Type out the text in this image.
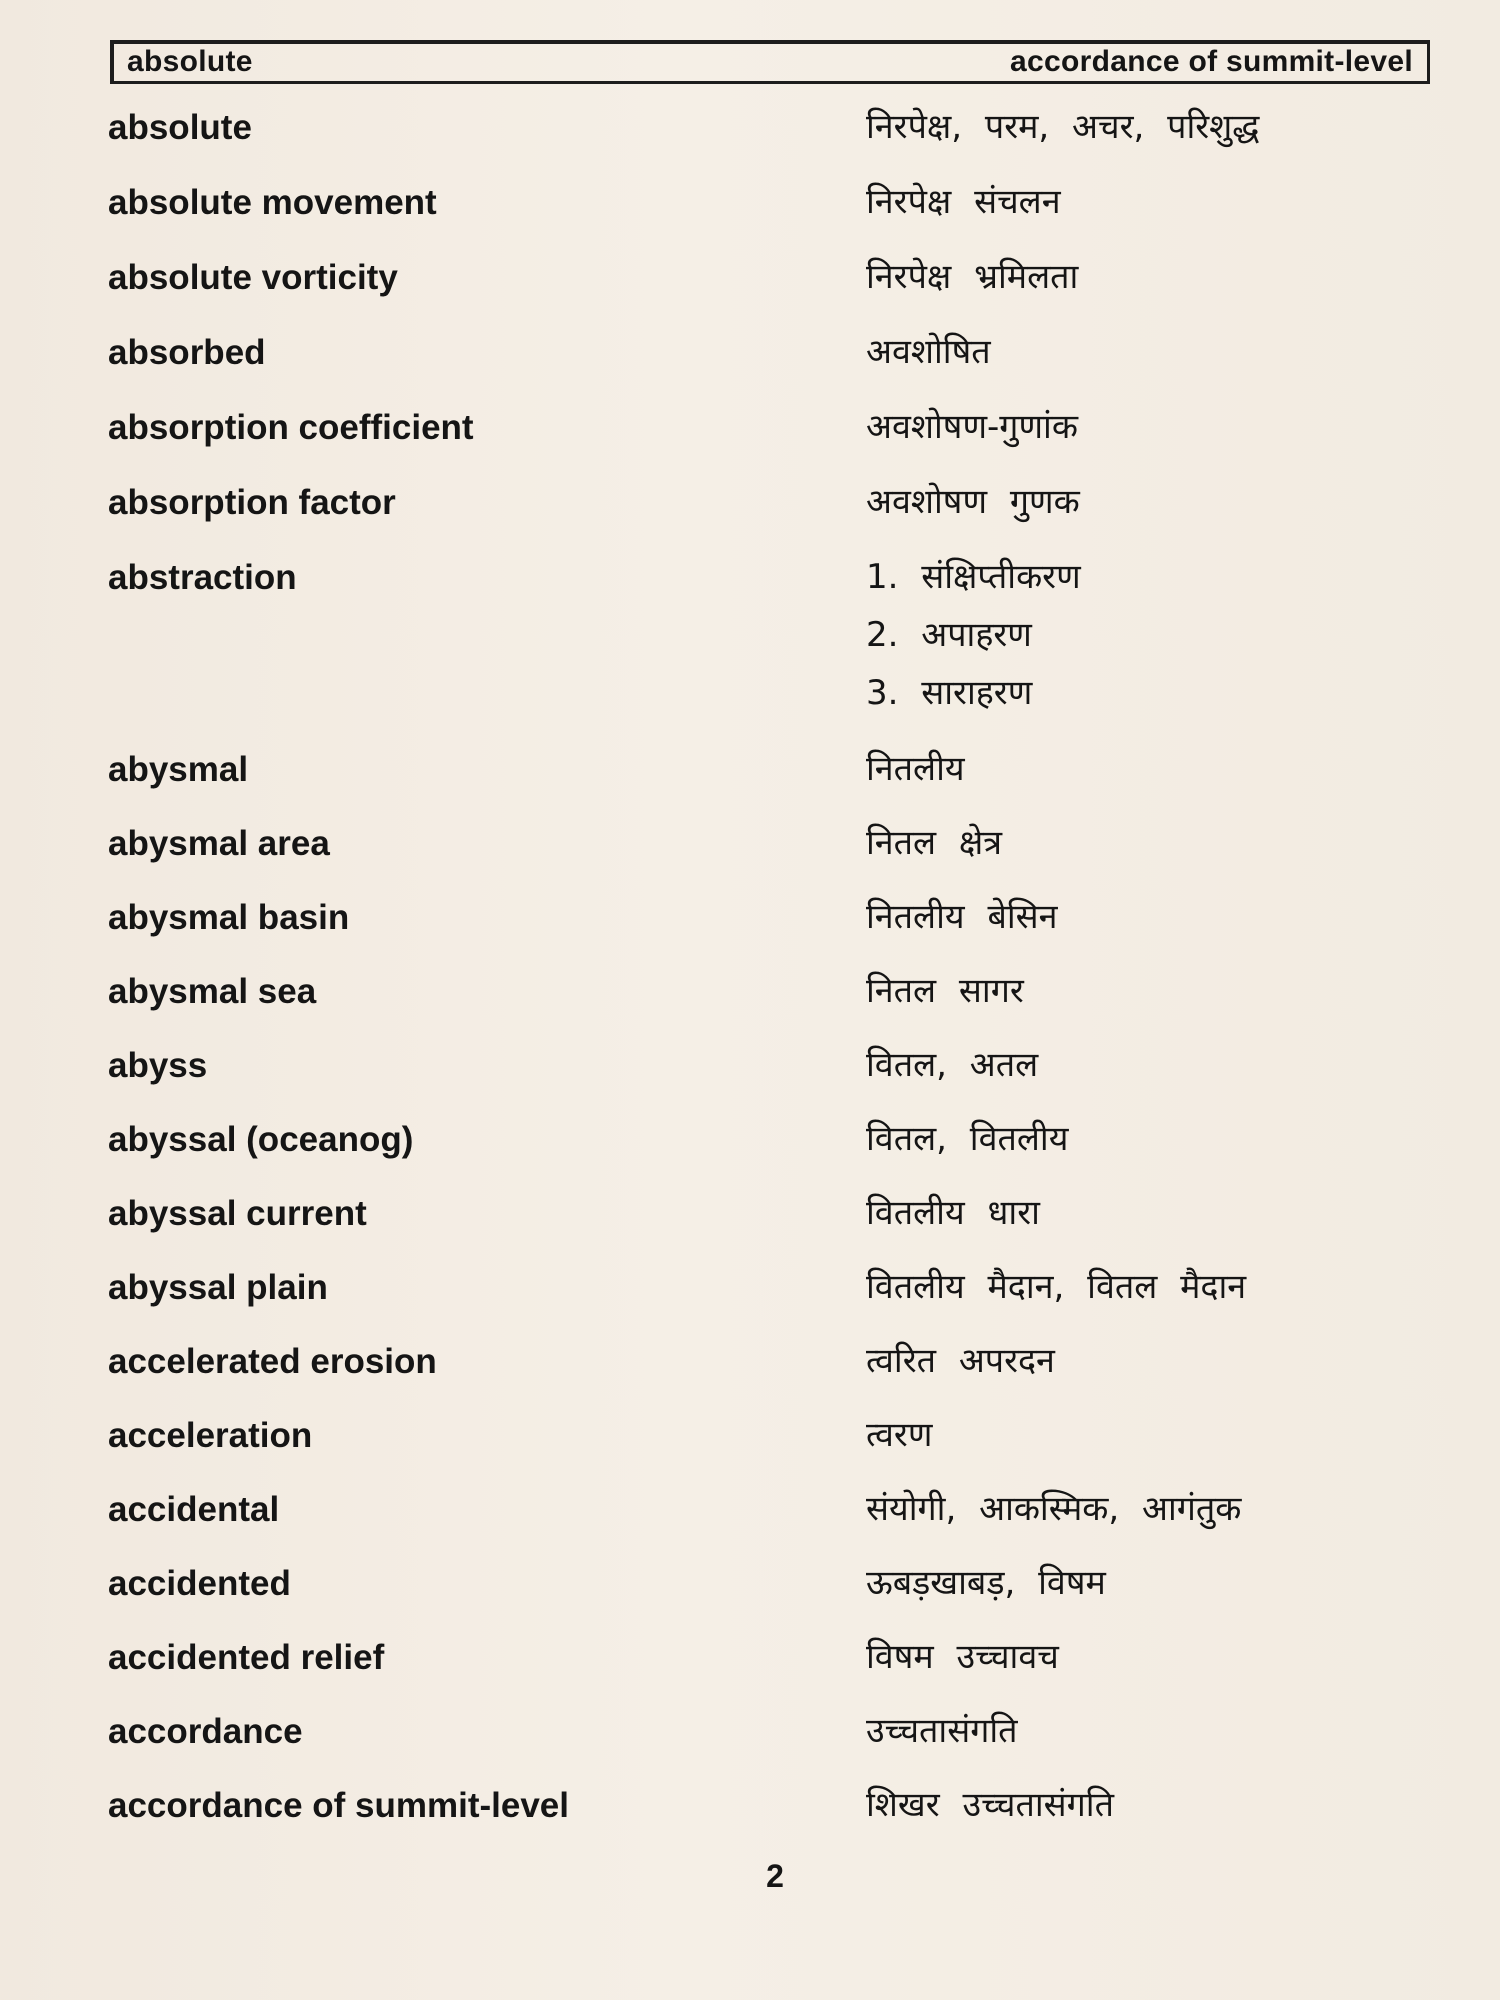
absolute	accordance of summit-level
absolute	निरपेक्ष, परम, अचर, परिशुद्ध
absolute movement	निरपेक्ष संचलन
absolute vorticity	निरपेक्ष भ्रमिलता
absorbed	अवशोषित
absorption coefficient	अवशोषण-गुणांक
absorption factor	अवशोषण गुणक
abstraction	1. संक्षिप्तीकरण
2. अपाहरण
3. साराहरण
abysmal	नितलीय
abysmal area	नितल क्षेत्र
abysmal basin	नितलीय बेसिन
abysmal sea	नितल सागर
abyss	वितल, अतल
abyssal (oceanog)	वितल, वितलीय
abyssal current	वितलीय धारा
abyssal plain	वितलीय मैदान, वितल मैदान
accelerated erosion	त्वरित अपरदन
acceleration	त्वरण
accidental	संयोगी, आकस्मिक, आगंतुक
accidented	ऊबड़खाबड़, विषम
accidented relief	विषम उच्चावच
accordance	उच्चतासंगति
accordance of summit-level	शिखर उच्चतासंगति
2
